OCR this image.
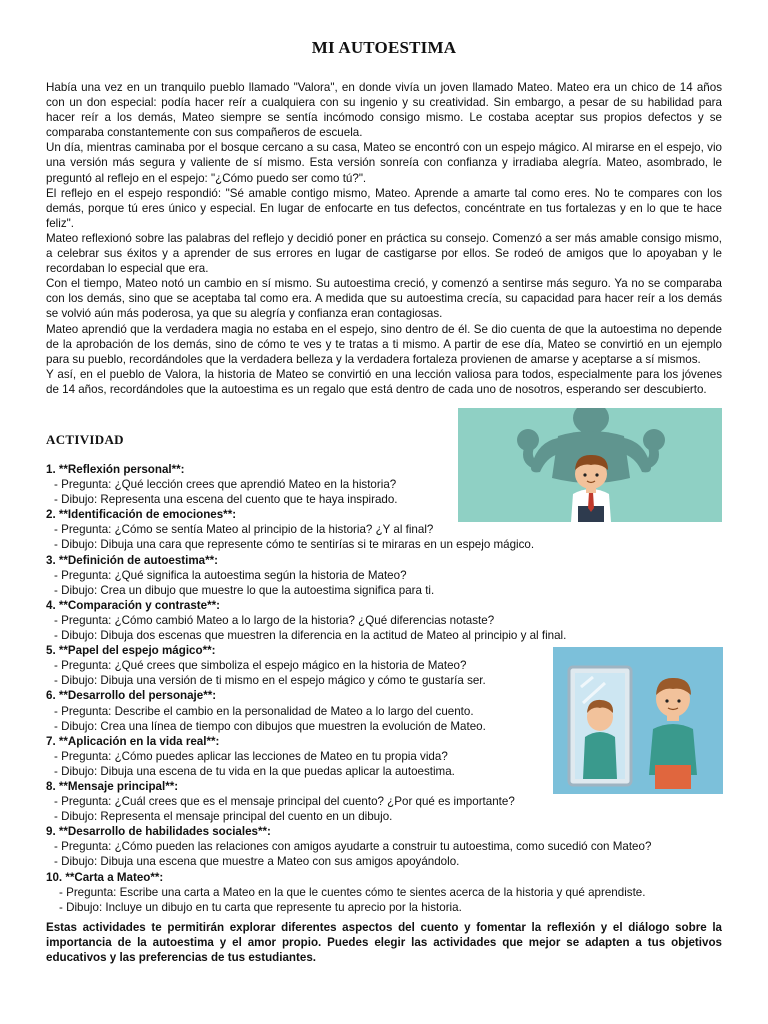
MI AUTOESTIMA

Había una vez en un tranquilo pueblo llamado "Valora", en donde vivía un joven llamado Mateo. Mateo era un chico de 14 años con un don especial: podía hacer reír a cualquiera con su ingenio y su creatividad. Sin embargo, a pesar de su habilidad para hacer reír a los demás, Mateo siempre se sentía incómodo consigo mismo. Le costaba aceptar sus propios defectos y se comparaba constantemente con sus compañeros de escuela.

Un día, mientras caminaba por el bosque cercano a su casa, Mateo se encontró con un espejo mágico. Al mirarse en el espejo, vio una versión más segura y valiente de sí mismo. Esta versión sonreía con confianza y irradiaba alegría. Mateo, asombrado, le preguntó al reflejo en el espejo: "¿Cómo puedo ser como tú?".

El reflejo en el espejo respondió: "Sé amable contigo mismo, Mateo. Aprende a amarte tal como eres. No te compares con los demás, porque tú eres único y especial. En lugar de enfocarte en tus defectos, concéntrate en tus fortalezas y en lo que te hace feliz".

Mateo reflexionó sobre las palabras del reflejo y decidió poner en práctica su consejo. Comenzó a ser más amable consigo mismo, a celebrar sus éxitos y a aprender de sus errores en lugar de castigarse por ellos. Se rodeó de amigos que lo apoyaban y le recordaban lo especial que era.

Con el tiempo, Mateo notó un cambio en sí mismo. Su autoestima creció, y comenzó a sentirse más seguro. Ya no se comparaba con los demás, sino que se aceptaba tal como era. A medida que su autoestima crecía, su capacidad para hacer reír a los demás se volvió aún más poderosa, ya que su alegría y confianza eran contagiosas.

Mateo aprendió que la verdadera magia no estaba en el espejo, sino dentro de él. Se dio cuenta de que la autoestima no depende de la aprobación de los demás, sino de cómo te ves y te tratas a ti mismo. A partir de ese día, Mateo se convirtió en un ejemplo para su pueblo, recordándoles que la verdadera belleza y la verdadera fortaleza provienen de amarse y aceptarse a sí mismos.

Y así, en el pueblo de Valora, la historia de Mateo se convirtió en una lección valiosa para todos, especialmente para los jóvenes de 14 años, recordándoles que la autoestima es un regalo que está dentro de cada uno de nosotros, esperando ser descubierto.

ACTIVIDAD
1. **Reflexión personal**:
- Pregunta: ¿Qué lección crees que aprendió Mateo en la historia?
- Dibujo: Representa una escena del cuento que te haya inspirado.
2. **Identificación de emociones**:
- Pregunta: ¿Cómo se sentía Mateo al principio de la historia? ¿Y al final?
- Dibujo: Dibuja una cara que represente cómo te sentirías si te miraras en un espejo mágico.
3. **Definición de autoestima**:
- Pregunta: ¿Qué significa la autoestima según la historia de Mateo?
- Dibujo: Crea un dibujo que muestre lo que la autoestima significa para ti.
4. **Comparación y contraste**:
- Pregunta: ¿Cómo cambió Mateo a lo largo de la historia? ¿Qué diferencias notaste?
- Dibujo: Dibuja dos escenas que muestren la diferencia en la actitud de Mateo al principio y al final.
5. **Papel del espejo mágico**:
- Pregunta: ¿Qué crees que simboliza el espejo mágico en la historia de Mateo?
- Dibujo: Dibuja una versión de ti mismo en el espejo mágico y cómo te gustaría ser.
6. **Desarrollo del personaje**:
- Pregunta: Describe el cambio en la personalidad de Mateo a lo largo del cuento.
- Dibujo: Crea una línea de tiempo con dibujos que muestren la evolución de Mateo.
7. **Aplicación en la vida real**:
- Pregunta: ¿Cómo puedes aplicar las lecciones de Mateo en tu propia vida?
- Dibujo: Dibuja una escena de tu vida en la que puedas aplicar la autoestima.
8. **Mensaje principal**:
- Pregunta: ¿Cuál crees que es el mensaje principal del cuento? ¿Por qué es importante?
- Dibujo: Representa el mensaje principal del cuento en un dibujo.
9. **Desarrollo de habilidades sociales**:
- Pregunta: ¿Cómo pueden las relaciones con amigos ayudarte a construir tu autoestima, como sucedió con Mateo?
- Dibujo: Dibuja una escena que muestre a Mateo con sus amigos apoyándolo.
10. **Carta a Mateo**:
- Pregunta: Escribe una carta a Mateo en la que le cuentes cómo te sientes acerca de la historia y qué aprendiste.
- Dibujo: Incluye un dibujo en tu carta que represente tu aprecio por la historia.
Estas actividades te permitirán explorar diferentes aspectos del cuento y fomentar la reflexión y el diálogo sobre la importancia de la autoestima y el amor propio. Puedes elegir las actividades que mejor se adapten a tus objetivos educativos y las preferencias de tus estudiantes.
